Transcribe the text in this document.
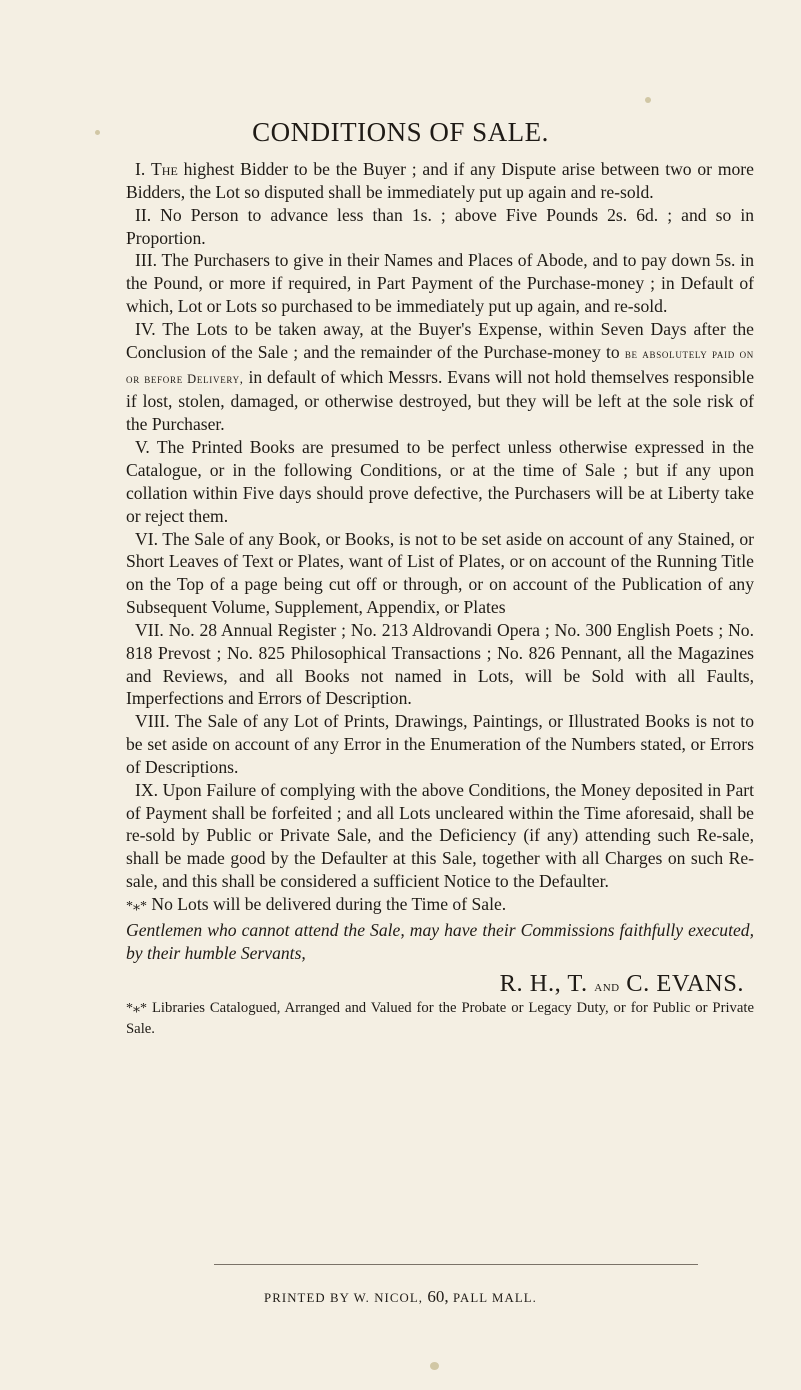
CONDITIONS OF SALE.

I. The highest Bidder to be the Buyer ; and if any Dispute arise between two or more Bidders, the Lot so disputed shall be immediately put up again and re-sold.

II. No Person to advance less than 1s. ; above Five Pounds 2s. 6d. ; and so in Proportion.

III. The Purchasers to give in their Names and Places of Abode, and to pay down 5s. in the Pound, or more if required, in Part Payment of the Purchase-money ; in Default of which, Lot or Lots so purchased to be immediately put up again, and re-sold.

IV. The Lots to be taken away, at the Buyer's Expense, within Seven Days after the Conclusion of the Sale ; and the remainder of the Purchase-money to be absolutely paid on or before Delivery, in default of which Messrs. Evans will not hold themselves responsible if lost, stolen, damaged, or otherwise destroyed, but they will be left at the sole risk of the Purchaser.

V. The Printed Books are presumed to be perfect unless otherwise expressed in the Catalogue, or in the following Conditions, or at the time of Sale ; but if any upon collation within Five days should prove defective, the Purchasers will be at Liberty take or reject them.

VI. The Sale of any Book, or Books, is not to be set aside on account of any Stained, or Short Leaves of Text or Plates, want of List of Plates, or on account of the Running Title on the Top of a page being cut off or through, or on account of the Publication of any Subsequent Volume, Supplement, Appendix, or Plates

VII. No. 28 Annual Register ; No. 213 Aldrovandi Opera ; No. 300 English Poets ; No. 818 Prevost ; No. 825 Philosophical Transactions ; No. 826 Pennant, all the Magazines and Reviews, and all Books not named in Lots, will be Sold with all Faults, Imperfections and Errors of Description.

VIII. The Sale of any Lot of Prints, Drawings, Paintings, or Illustrated Books is not to be set aside on account of any Error in the Enumeration of the Numbers stated, or Errors of Descriptions.

IX. Upon Failure of complying with the above Conditions, the Money deposited in Part of Payment shall be forfeited ; and all Lots uncleared within the Time aforesaid, shall be re-sold by Public or Private Sale, and the Deficiency (if any) attending such Re-sale, shall be made good by the Defaulter at this Sale, together with all Charges on such Re-sale, and this shall be considered a sufficient Notice to the Defaulter.

*⁎* No Lots will be delivered during the Time of Sale.

Gentlemen who cannot attend the Sale, may have their Commissions faithfully executed, by their humble Servants,

R. H., T. and C. EVANS.

*⁎* Libraries Catalogued, Arranged and Valued for the Probate or Legacy Duty, or for Public or Private Sale.

PRINTED BY W. NICOL, 60, PALL MALL.
